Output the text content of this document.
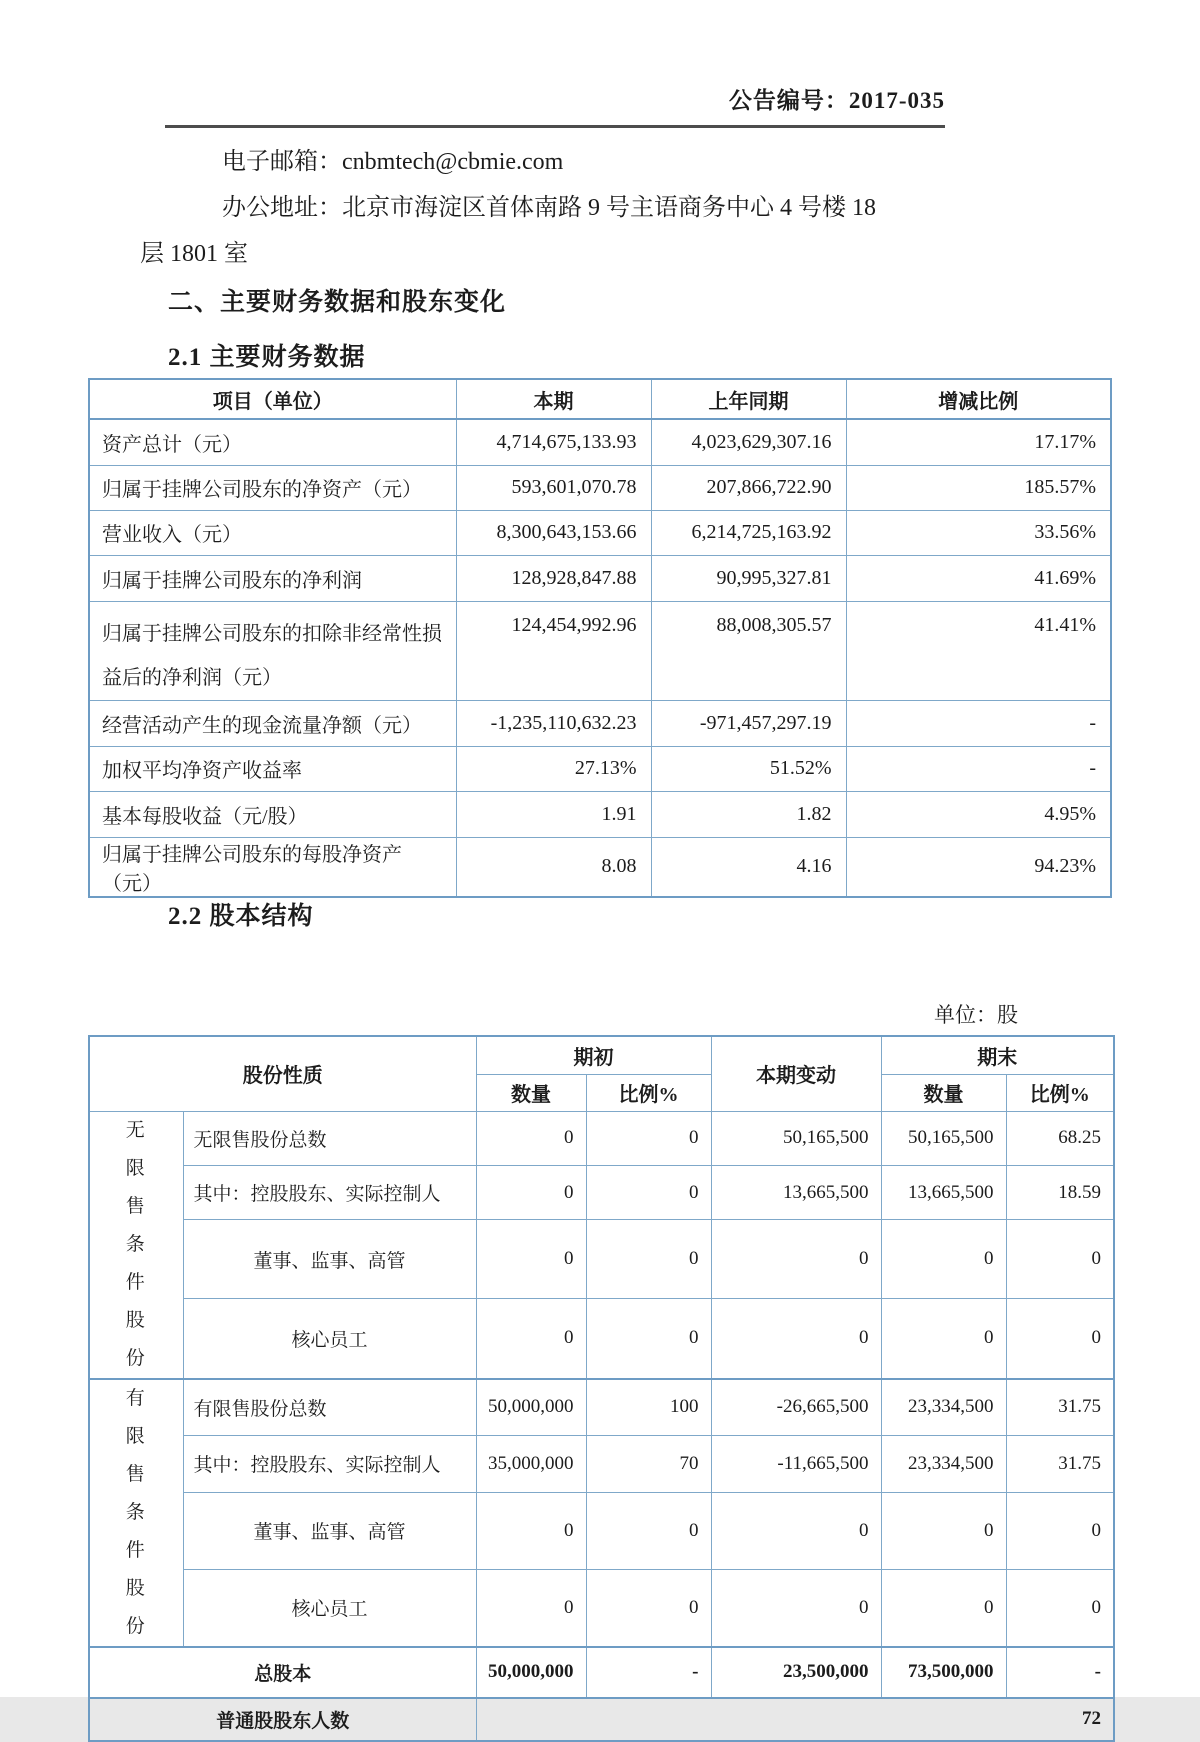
公告编号：2017-035
电子邮箱：cnbmtech@cbmie.com
办公地址：北京市海淀区首体南路 9 号主语商务中心 4 号楼 18
层 1801 室
二、主要财务数据和股东变化
2.1 主要财务数据
项目（单位）	本期	上年同期	增减比例
资产总计（元）	4,714,675,133.93	4,023,629,307.16	17.17%
归属于挂牌公司股东的净资产（元）	593,601,070.78	207,866,722.90	185.57%
营业收入（元）	8,300,643,153.66	6,214,725,163.92	33.56%
归属于挂牌公司股东的净利润	128,928,847.88	90,995,327.81	41.69%
归属于挂牌公司股东的扣除非经常性损益后的净利润（元）	124,454,992.96	88,008,305.57	41.41%
经营活动产生的现金流量净额（元）	-1,235,110,632.23	-971,457,297.19	-
加权平均净资产收益率	27.13%	51.52%	-
基本每股收益（元/股）	1.91	1.82	4.95%
归属于挂牌公司股东的每股净资产（元）	8.08	4.16	94.23%
2.2 股本结构
单位：股
股份性质		期初		本期变动	期末	
		数量	比例%		数量	比例%
无限售条件股份	无限售股份总数	0	0	50,165,500	50,165,500	68.25
	其中：控股股东、实际控制人	0	0	13,665,500	13,665,500	18.59
	董事、监事、高管	0	0	0	0	0
	核心员工	0	0	0	0	0
有限售条件股份	有限售股份总数	50,000,000	100	-26,665,500	23,334,500	31.75
	其中：控股股东、实际控制人	35,000,000	70	-11,665,500	23,334,500	31.75
	董事、监事、高管	0	0	0	0	0
	核心员工	0	0	0	0	0
总股本		50,000,000	-	23,500,000	73,500,000	-
普通股股东人数		72				
